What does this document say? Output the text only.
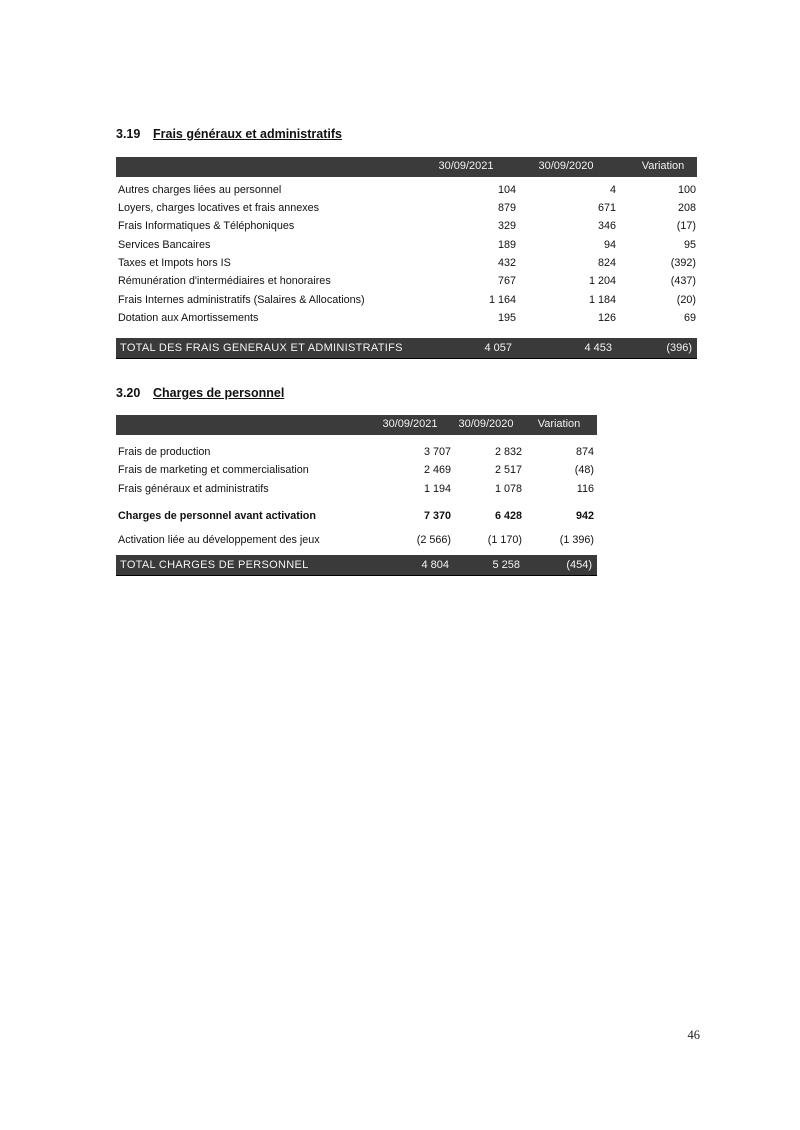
3.19 Frais généraux et administratifs
30/09/2021	30/09/2020	Variation
Autres charges liées au personnel	104	4	100
Loyers, charges locatives et frais annexes	879	671	208
Frais Informatiques & Téléphoniques	329	346	(17)
Services Bancaires	189	94	95
Taxes et Impots hors IS	432	824	(392)
Rémunération d'intermédiaires et honoraires	767	1 204	(437)
Frais Internes administratifs (Salaires & Allocations)	1 164	1 184	(20)
Dotation aux Amortissements	195	126	69
TOTAL DES FRAIS GENERAUX ET ADMINISTRATIFS	4 057	4 453	(396)
3.20 Charges de personnel
30/09/2021	30/09/2020	Variation
Frais de production	3 707	2 832	874
Frais de marketing et commercialisation	2 469	2 517	(48)
Frais généraux et administratifs	1 194	1 078	116
Charges de personnel avant activation	7 370	6 428	942
Activation liée au développement des jeux	(2 566)	(1 170)	(1 396)
TOTAL CHARGES DE PERSONNEL	4 804	5 258	(454)
46
